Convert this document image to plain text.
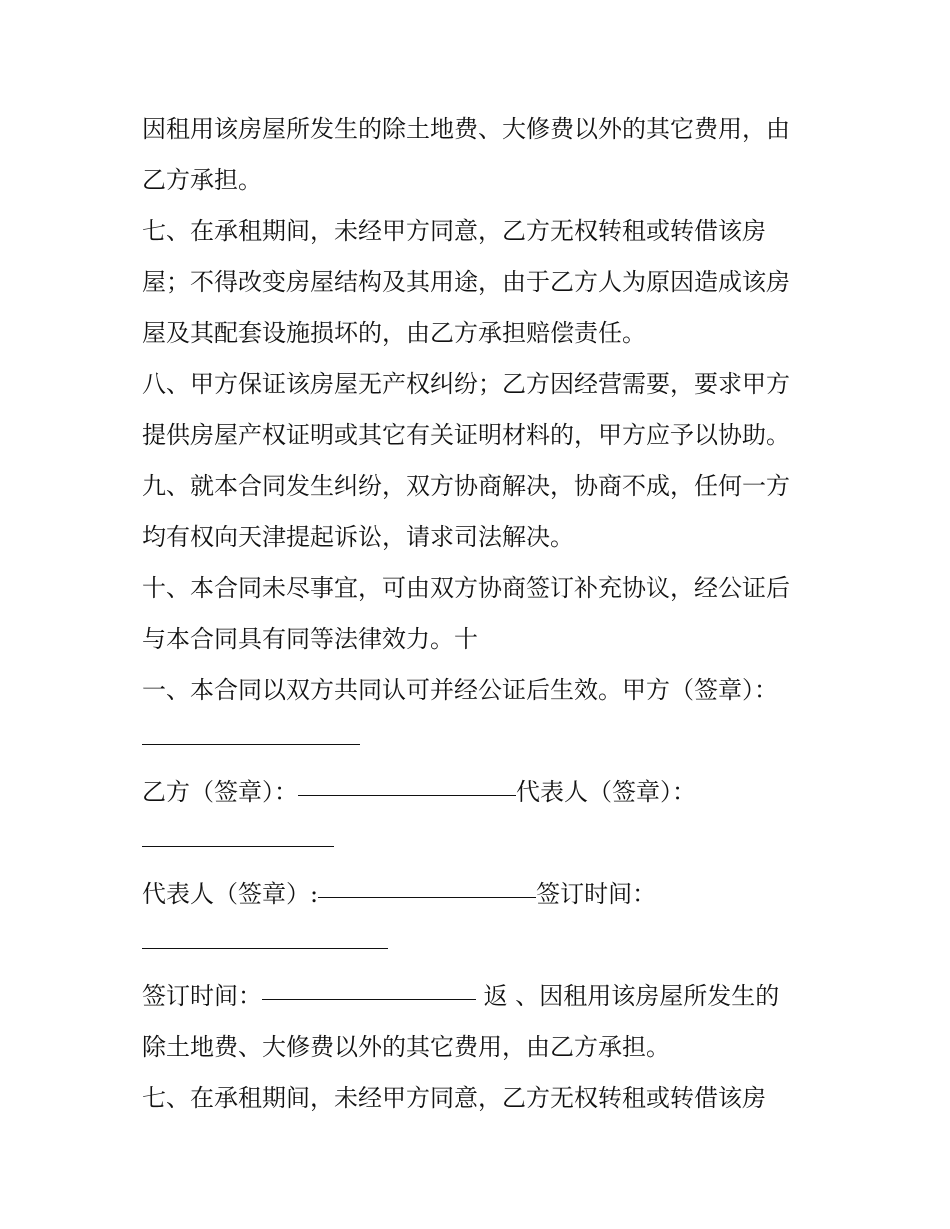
因租用该房屋所发生的除土地费、大修费以外的其它费用，由
乙方承担。
七、在承租期间，未经甲方同意，乙方无权转租或转借该房
屋；不得改变房屋结构及其用途，由于乙方人为原因造成该房
屋及其配套设施损坏的，由乙方承担赔偿责任。
八、甲方保证该房屋无产权纠纷；乙方因经营需要，要求甲方
提供房屋产权证明或其它有关证明材料的，甲方应予以协助。
九、就本合同发生纠纷，双方协商解决，协商不成，任何一方
均有权向天津提起诉讼，请求司法解决。
十、本合同未尽事宜，可由双方协商签订补充协议，经公证后
与本合同具有同等法律效力。十
一、本合同以双方共同认可并经公证后生效。甲方（签章）：
乙方（签章）：	代表人（签章）：
代表人（签章）:	签订时间：
签订时间：	返 、因租用该房屋所发生的
除土地费、大修费以外的其它费用，由乙方承担。
七、在承租期间，未经甲方同意，乙方无权转租或转借该房
